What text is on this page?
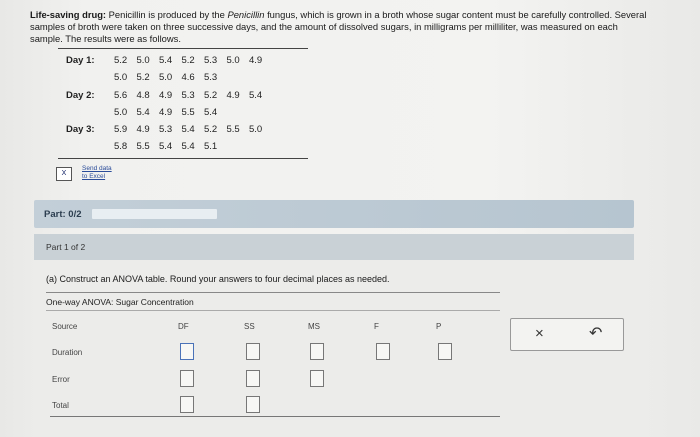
Life-saving drug: Penicillin is produced by the Penicillin fungus, which is grown in a broth whose sugar content must be carefully controlled. Several samples of broth were taken on three successive days, and the amount of dissolved sugars, in milligrams per milliliter, was measured on each sample. The results were as follows.
Day 1: 5.2 5.0 5.4 5.2 5.3 5.0 4.9
5.0 5.2 5.0 4.6 5.3
Day 2: 5.6 4.8 4.9 5.3 5.2 4.9 5.4
5.0 5.4 4.9 5.5 5.4
Day 3: 5.9 4.9 5.3 5.4 5.2 5.5 5.0
5.8 5.5 5.4 5.4 5.1
X
Send data
to Excel
Part: 0/2
Part 1 of 2
(a) Construct an ANOVA table. Round your answers to four decimal places as needed.
One-way ANOVA: Sugar Concentration
Source	DF	SS	MS	F	P
Duration
Error
Total
×	↶
